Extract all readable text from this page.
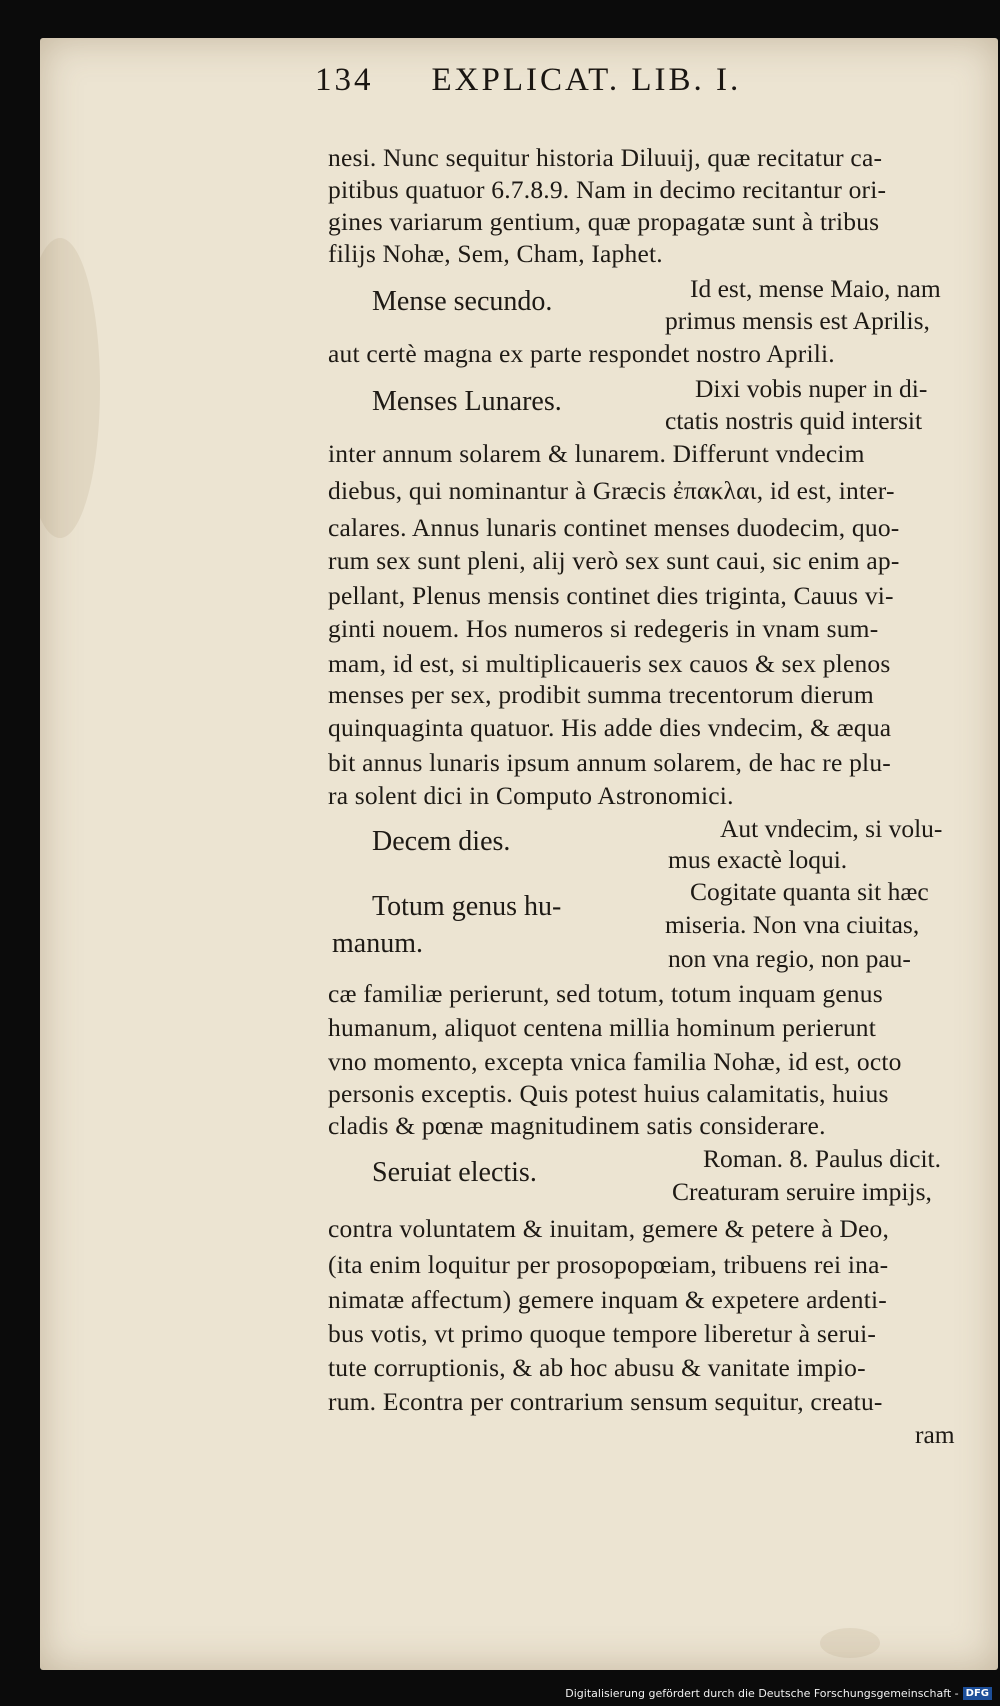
134 EXPLICAT. LIB. I.
nesi. Nunc sequitur historia Diluuij, quæ recitatur ca-
pitibus quatuor 6.7.8.9. Nam in decimo recitantur ori-
gines variarum gentium, quæ propagatæ sunt à tribus
filijs Nohæ, Sem, Cham, Iaphet.
Mense secundo.	Id est, mense Maio, nam
primus mensis est Aprilis,
aut certè magna ex parte respondet nostro Aprili.
Menses Lunares.	Dixi vobis nuper in di-
ctatis nostris quid intersit
inter annum solarem & lunarem. Differunt vndecim
diebus, qui nominantur à Græcis ἐπακλαι, id est, inter-
calares. Annus lunaris continet menses duodecim, quo-
rum sex sunt pleni, alij verò sex sunt caui, sic enim ap-
pellant, Plenus mensis continet dies triginta, Cauus vi-
ginti nouem. Hos numeros si redegeris in vnam sum-
mam, id est, si multiplicaueris sex cauos & sex plenos
menses per sex, prodibit summa trecentorum dierum
quinquaginta quatuor. His adde dies vndecim, & æqua
bit annus lunaris ipsum annum solarem, de hac re plu-
ra solent dici in Computo Astronomici.
Decem dies.	Aut vndecim, si volu-
mus exactè loqui.
Totum genus hu-
manum.
Cogitate quanta sit hæc
miseria. Non vna ciuitas,
non vna regio, non pau-
cæ familiæ perierunt, sed totum, totum inquam genus
humanum, aliquot centena millia hominum perierunt
vno momento, excepta vnica familia Nohæ, id est, octo
personis exceptis. Quis potest huius calamitatis, huius
cladis & pœnæ magnitudinem satis considerare.
Seruiat electis.	Roman. 8. Paulus dicit.
Creaturam seruire impijs,
contra voluntatem & inuitam, gemere & petere à Deo,
(ita enim loquitur per prosopopœiam, tribuens rei ina-
nimatæ affectum) gemere inquam & expetere ardenti-
bus votis, vt primo quoque tempore liberetur à serui-
tute corruptionis, & ab hoc abusu & vanitate impio-
rum. Econtra per contrarium sensum sequitur, creatu-
ram
Digitalisierung gefördert durch die Deutsche Forschungsgemeinschaft - DFG
